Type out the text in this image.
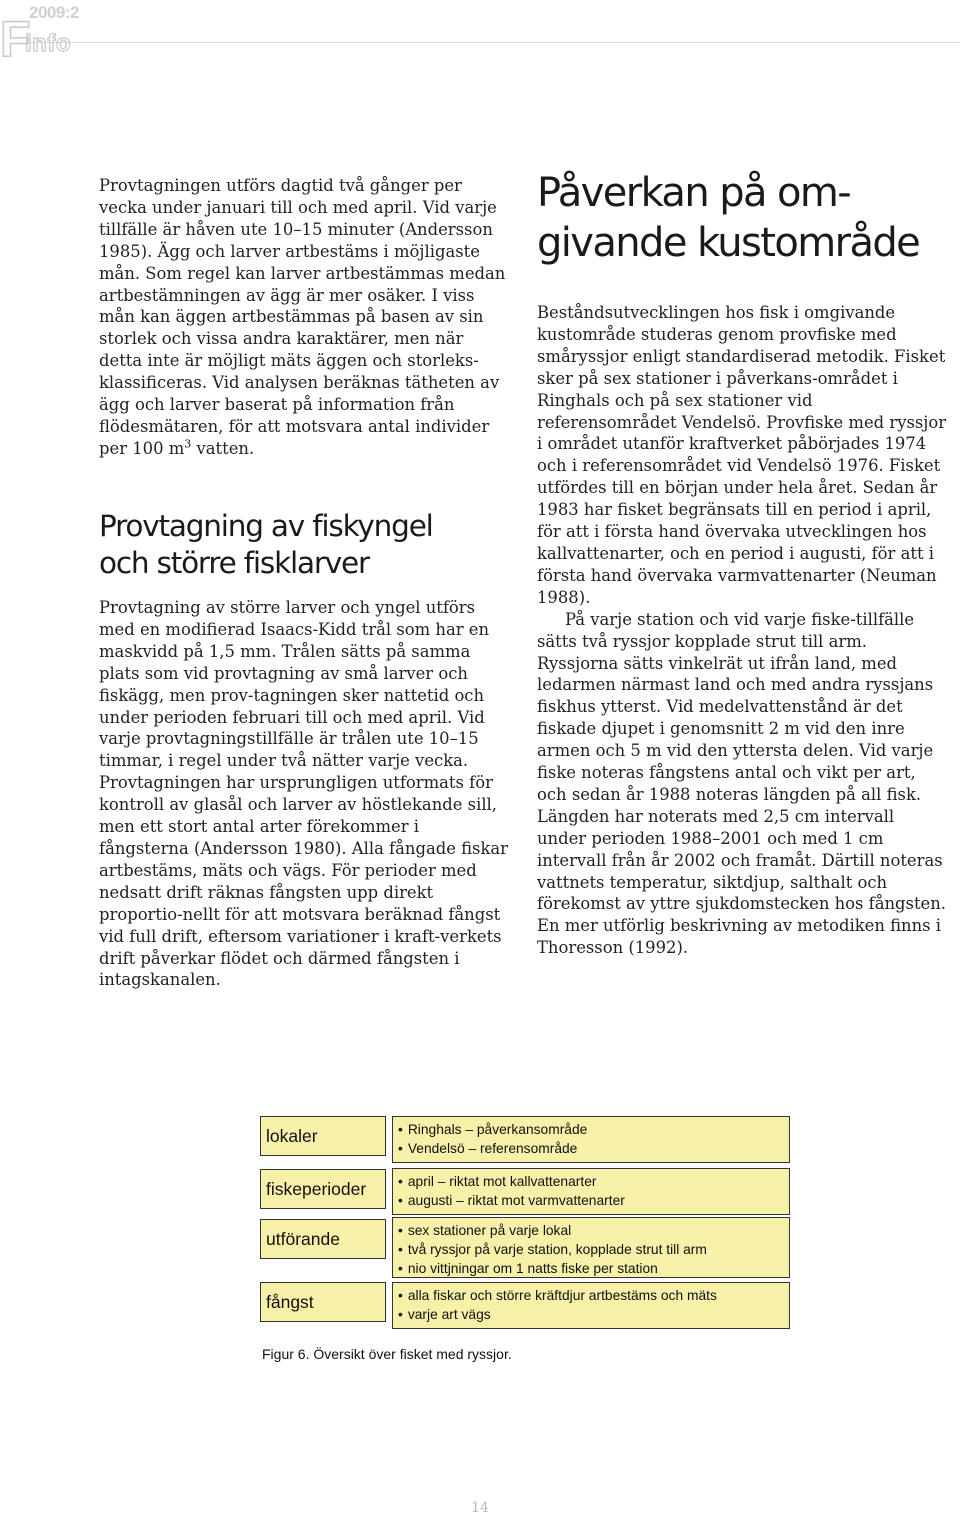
2009:2
F
info

Provtagningen utförs dagtid två gånger per vecka under januari till och med april. Vid varje tillfälle är håven ute 10–15 minuter (Andersson 1985). Ägg och larver artbestäms i möjligaste mån. Som regel kan larver artbestämmas medan artbestämningen av ägg är mer osäker. I viss mån kan äggen artbestämmas på basen av sin storlek och vissa andra karaktärer, men när detta inte är möjligt mäts äggen och storleks-klassificeras. Vid analysen beräknas tätheten av ägg och larver baserat på information från flödesmätaren, för att motsvara antal individer per 100 $m^3$ vatten.

Provtagning av fiskyngel
och större fisklarver

Provtagning av större larver och yngel utförs med en modifierad Isaacs-Kidd trål som har en maskvidd på 1,5 mm. Trålen sätts på samma plats som vid provtagning av små larver och fiskägg, men prov-tagningen sker nattetid och under perioden februari till och med april. Vid varje provtagningstillfälle är trålen ute 10–15 timmar, i regel under två nätter varje vecka. Provtagningen har ursprungligen utformats för kontroll av glasål och larver av höstlekande sill, men ett stort antal arter förekommer i fångsterna (Andersson 1980). Alla fångade fiskar artbestäms, mäts och vägs. För perioder med nedsatt drift räknas fångsten upp direkt proportio-nellt för att motsvara beräknad fångst vid full drift, eftersom variationer i kraft-verkets drift påverkar flödet och därmed fångsten i intagskanalen.

Påverkan på om-
givande kustområde

Beståndsutvecklingen hos fisk i omgivande kustområde studeras genom provfiske med småryssjor enligt standardiserad metodik. Fisket sker på sex stationer i påverkans-området i Ringhals och på sex stationer vid referensområdet Vendelsö. Provfiske med ryssjor i området utanför kraftverket påbörjades 1974 och i referensområdet vid Vendelsö 1976. Fisket utfördes till en början under hela året. Sedan år 1983 har fisket begränsats till en period i april, för att i första hand övervaka utvecklingen hos kallvattenarter, och en period i augusti, för att i första hand övervaka varmvattenarter (Neuman 1988).

På varje station och vid varje fiske-tillfälle sätts två ryssjor kopplade strut till arm. Ryssjorna sätts vinkelrät ut ifrån land, med ledarmen närmast land och med andra ryssjans fiskhus ytterst. Vid medelvattenstånd är det fiskade djupet i genomsnitt 2 m vid den inre armen och 5 m vid den yttersta delen. Vid varje fiske noteras fångstens antal och vikt per art, och sedan år 1988 noteras längden på all fisk. Längden har noterats med 2,5 cm intervall under perioden 1988–2001 och med 1 cm intervall från år 2002 och framåt. Därtill noteras vattnets temperatur, siktdjup, salthalt och förekomst av yttre sjukdomstecken hos fångsten. En mer utförlig beskrivning av metodiken finns i Thoresson (1992).

lokaler	• Ringhals – påverkansområde
• Vendelsö – referensområde
fiskeperioder	• april – riktat mot kallvattenarter
• augusti – riktat mot varmvattenarter
utförande	• sex stationer på varje lokal
• två ryssjor på varje station, kopplade strut till arm
• nio vittjningar om 1 natts fiske per station
fångst	• alla fiskar och större kräftdjur artbestäms och mäts
• varje art vägs
Figur 6. Översikt över fisket med ryssjor.
14
